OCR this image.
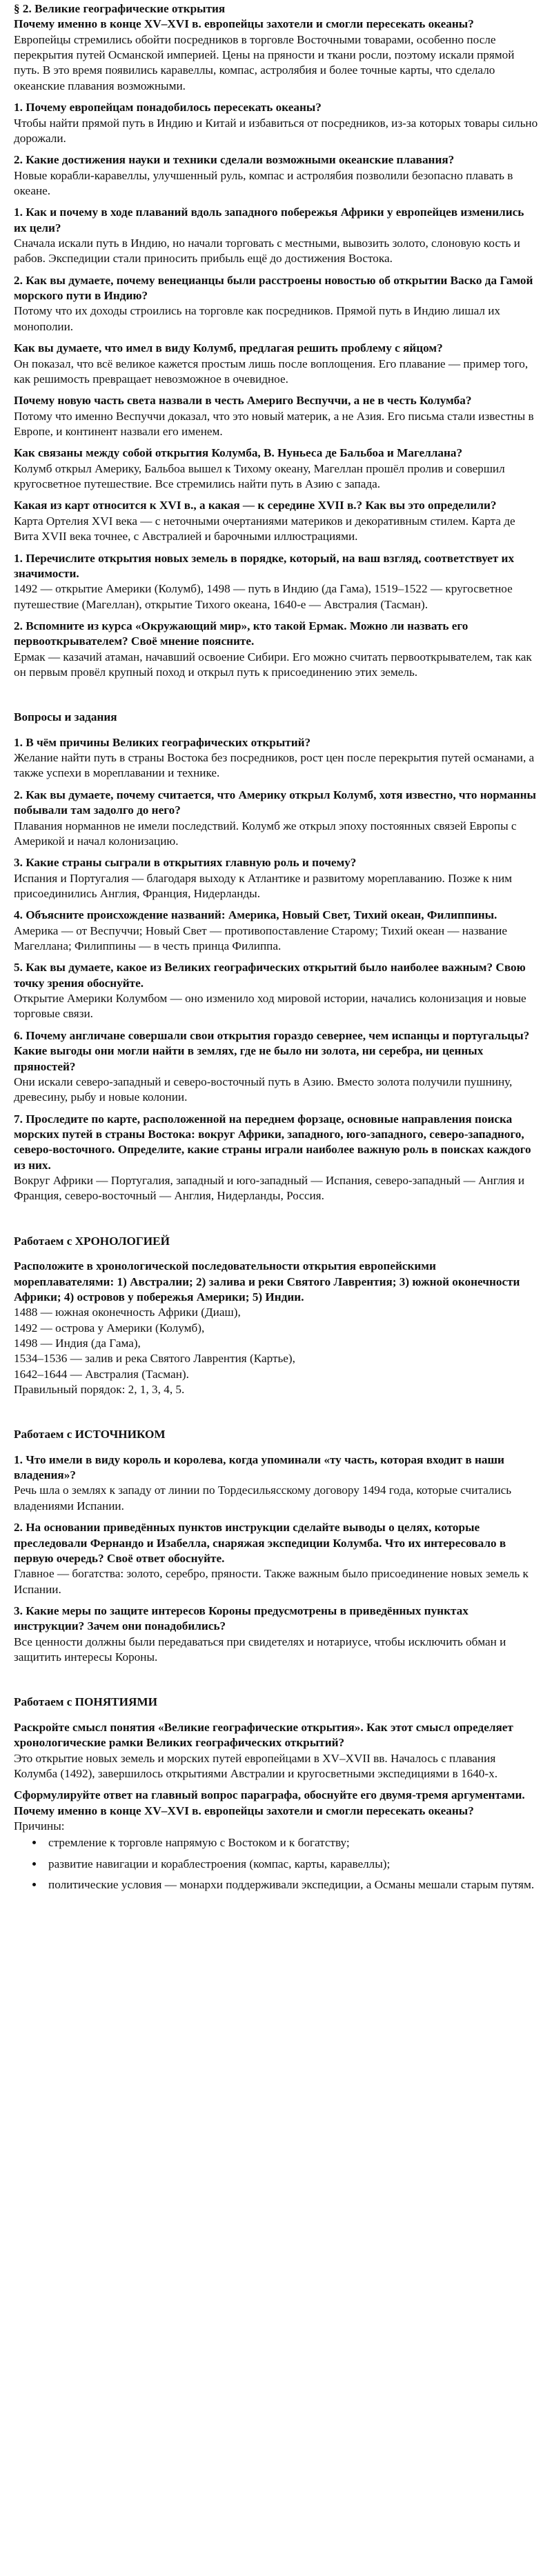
§ 2. Великие географические открытия

Почему именно в конце XV–XVI в. европейцы захотели и смогли пересекать океаны?

Европейцы стремились обойти посредников в торговле Восточными товарами, особенно после перекрытия путей Османской империей. Цены на пряности и ткани росли, поэтому искали прямой путь. В это время появились каравеллы, компас, астролябия и более точные карты, что сделало океанские плавания возможными.

1. Почему европейцам понадобилось пересекать океаны?

Чтобы найти прямой путь в Индию и Китай и избавиться от посредников, из-за которых товары сильно дорожали.

2. Какие достижения науки и техники сделали возможными океанские плавания?

Новые корабли-каравеллы, улучшенный руль, компас и астролябия позволили безопасно плавать в океане.

1. Как и почему в ходе плаваний вдоль западного побережья Африки у европейцев изменились их цели?

Сначала искали путь в Индию, но начали торговать с местными, вывозить золото, слоновую кость и рабов. Экспедиции стали приносить прибыль ещё до достижения Востока.

2. Как вы думаете, почему венецианцы были расстроены новостью об открытии Васко да Гамой морского пути в Индию?

Потому что их доходы строились на торговле как посредников. Прямой путь в Индию лишал их монополии.

Как вы думаете, что имел в виду Колумб, предлагая решить проблему с яйцом?

Он показал, что всё великое кажется простым лишь после воплощения. Его плавание — пример того, как решимость превращает невозможное в очевидное.

Почему новую часть света назвали в честь Америго Веспуччи, а не в честь Колумба?

Потому что именно Веспуччи доказал, что это новый материк, а не Азия. Его письма стали известны в Европе, и континент назвали его именем.

Как связаны между собой открытия Колумба, В. Нуньеса де Бальбоа и Магеллана?

Колумб открыл Америку, Бальбоа вышел к Тихому океану, Магеллан прошёл пролив и совершил кругосветное путешествие. Все стремились найти путь в Азию с запада.

Какая из карт относится к XVI в., а какая — к середине XVII в.? Как вы это определили?

Карта Ортелия XVI века — с неточными очертаниями материков и декоративным стилем. Карта де Вита XVII века точнее, с Австралией и барочными иллюстрациями.

1. Перечислите открытия новых земель в порядке, который, на ваш взгляд, соответствует их значимости.

1492 — открытие Америки (Колумб), 1498 — путь в Индию (да Гама), 1519–1522 — кругосветное путешествие (Магеллан), открытие Тихого океана, 1640-е — Австралия (Тасман).

2. Вспомните из курса «Окружающий мир», кто такой Ермак. Можно ли назвать его первооткрывателем? Своё мнение поясните.

Ермак — казачий атаман, начавший освоение Сибири. Его можно считать первооткрывателем, так как он первым провёл крупный поход и открыл путь к присоединению этих земель.

Вопросы и задания

1. В чём причины Великих географических открытий?

Желание найти путь в страны Востока без посредников, рост цен после перекрытия путей османами, а также успехи в мореплавании и технике.

2. Как вы думаете, почему считается, что Америку открыл Колумб, хотя известно, что норманны побывали там задолго до него?

Плавания норманнов не имели последствий. Колумб же открыл эпоху постоянных связей Европы с Америкой и начал колонизацию.

3. Какие страны сыграли в открытиях главную роль и почему?

Испания и Португалия — благодаря выходу к Атлантике и развитому мореплаванию. Позже к ним присоединились Англия, Франция, Нидерланды.

4. Объясните происхождение названий: Америка, Новый Свет, Тихий океан, Филиппины.

Америка — от Веспуччи; Новый Свет — противопоставление Старому; Тихий океан — название Магеллана; Филиппины — в честь принца Филиппа.

5. Как вы думаете, какое из Великих географических открытий было наиболее важным? Свою точку зрения обоснуйте.

Открытие Америки Колумбом — оно изменило ход мировой истории, начались колонизация и новые торговые связи.

6. Почему англичане совершали свои открытия гораздо севернее, чем испанцы и португальцы? Какие выгоды они могли найти в землях, где не было ни золота, ни серебра, ни ценных пряностей?

Они искали северо-западный и северо-восточный путь в Азию. Вместо золота получили пушнину, древесину, рыбу и новые колонии.

7. Проследите по карте, расположенной на переднем форзаце, основные направления поиска морских путей в страны Востока: вокруг Африки, западного, юго-западного, северо-западного, северо-восточного. Определите, какие страны играли наиболее важную роль в поисках каждого из них.

Вокруг Африки — Португалия, западный и юго-западный — Испания, северо-западный — Англия и Франция, северо-восточный — Англия, Нидерланды, Россия.

Работаем с ХРОНОЛОГИЕЙ

Расположите в хронологической последовательности открытия европейскими мореплавателями: 1) Австралии; 2) залива и реки Святого Лаврентия; 3) южной оконечности Африки; 4) островов у побережья Америки; 5) Индии.

1488 — южная оконечность Африки (Диаш),

1492 — острова у Америки (Колумб),

1498 — Индия (да Гама),

1534–1536 — залив и река Святого Лаврентия (Картье),

1642–1644 — Австралия (Тасман).

Правильный порядок: 2, 1, 3, 4, 5.

Работаем с ИСТОЧНИКОМ

1. Что имели в виду король и королева, когда упоминали «ту часть, которая входит в наши владения»?

Речь шла о землях к западу от линии по Тордесильясскому договору 1494 года, которые считались владениями Испании.

2. На основании приведённых пунктов инструкции сделайте выводы о целях, которые преследовали Фернандо и Изабелла, снаряжая экспедиции Колумба. Что их интересовало в первую очередь? Своё ответ обоснуйте.

Главное — богатства: золото, серебро, пряности. Также важным было присоединение новых земель к Испании.

3. Какие меры по защите интересов Короны предусмотрены в приведённых пунктах инструкции? Зачем они понадобились?

Все ценности должны были передаваться при свидетелях и нотариусе, чтобы исключить обман и защитить интересы Короны.

Работаем с ПОНЯТИЯМИ

Раскройте смысл понятия «Великие географические открытия». Как этот смысл определяет хронологические рамки Великих географических открытий?

Это открытие новых земель и морских путей европейцами в XV–XVII вв. Началось с плавания Колумба (1492), завершилось открытиями Австралии и кругосветными экспедициями в 1640-х.

Сформулируйте ответ на главный вопрос параграфа, обоснуйте его двумя-тремя аргументами. Почему именно в конце XV–XVI в. европейцы захотели и смогли пересекать океаны?

Причины:

• стремление к торговле напрямую с Востоком и к богатству;
• развитие навигации и кораблестроения (компас, карты, каравеллы);
• политические условия — монархи поддерживали экспедиции, а Османы мешали старым путям.
